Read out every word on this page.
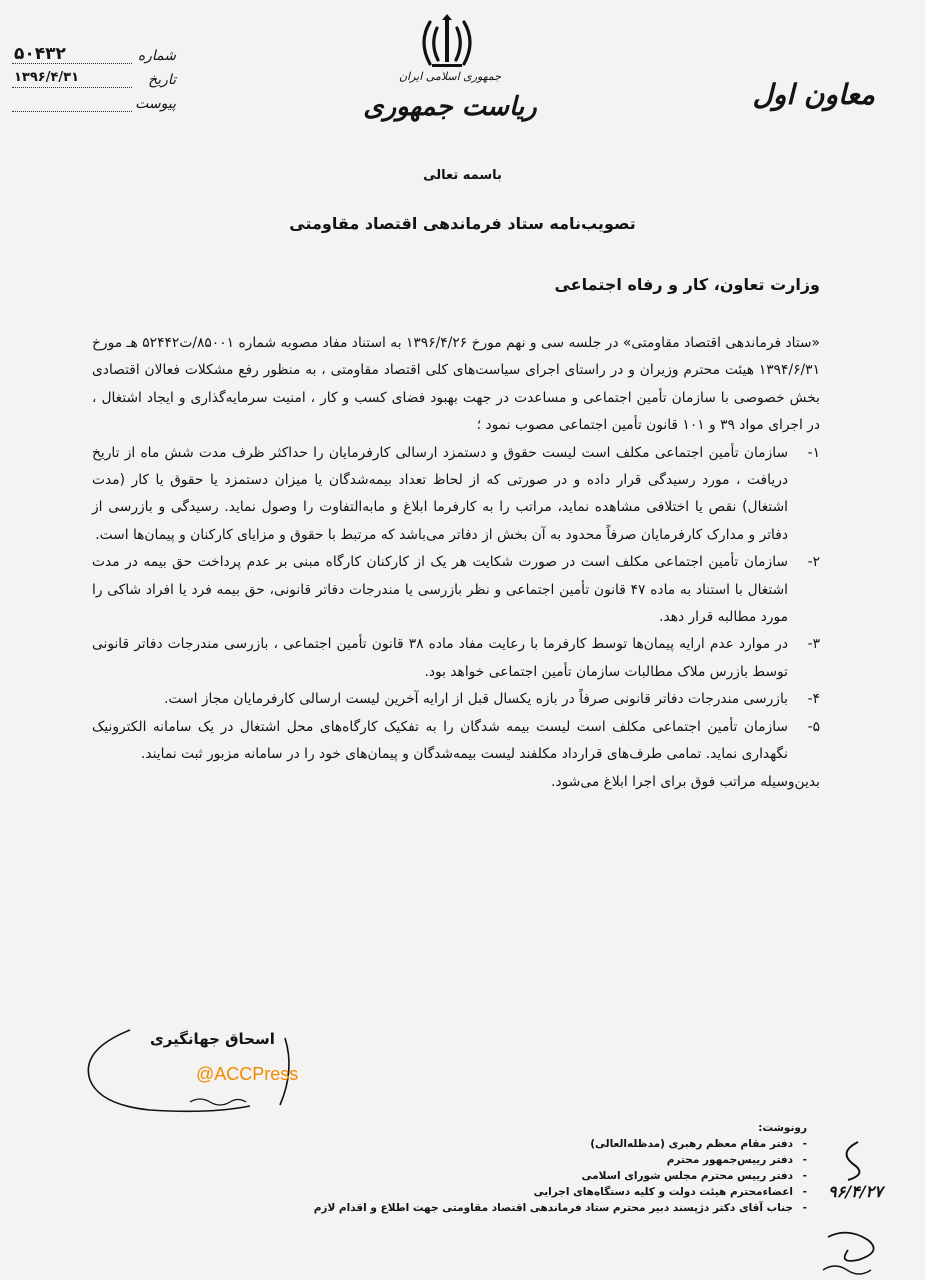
۵۰۴۳۲	شماره
۱۳۹۶/۴/۳۱	تاریخ
پیوست
جمهوری اسلامی ایران
ریاست جمهوری	معاون اول
باسمه تعالی
تصویب‌نامه ستاد فرماندهی اقتصاد مقاومتی
وزارت تعاون، کار و رفاه اجتماعی
«ستاد فرماندهی اقتصاد مقاومتی» در جلسه سی و نهم مورخ ۱۳۹۶/۴/۲۶ به استناد مفاد مصوبه شماره ۸۵۰۰۱/ت۵۲۴۴۲ هـ مورخ ۱۳۹۴/۶/۳۱ هیئت محترم وزیران و در راستای اجرای سیاست‌های کلی اقتصاد مقاومتی ، به منظور رفع مشکلات فعالان اقتصادی بخش خصوصی با سازمان تأمین اجتماعی و مساعدت در جهت بهبود فضای کسب و کار ، امنیت سرمایه‌گذاری و ایجاد اشتغال ، در اجرای مواد ۳۹ و ۱۰۱ قانون تأمین اجتماعی مصوب نمود ؛
۱-
سازمان تأمین اجتماعی مکلف است لیست حقوق و دستمزد ارسالی کارفرمایان را حداکثر ظرف مدت شش ماه از تاریخ دریافت ، مورد رسیدگی قرار داده و در صورتی که از لحاظ تعداد بیمه‌شدگان یا میزان دستمزد یا حقوق یا کار (مدت اشتغال) نقص یا اختلافی مشاهده نماید، مراتب را به کارفرما ابلاغ و مابه‌التفاوت را وصول نماید. رسیدگی و بازرسی از دفاتر و مدارک کارفرمایان صرفاً محدود به آن بخش از دفاتر می‌باشد که مرتبط با حقوق و مزایای کارکنان و پیمان‌ها است.
۲-
سازمان تأمین اجتماعی مکلف است در صورت شکایت هر یک از کارکنان کارگاه مبنی بر عدم پرداخت حق بیمه در مدت اشتغال با استناد به ماده ۴۷ قانون تأمین اجتماعی و نظر بازرسی یا مندرجات دفاتر قانونی، حق بیمه فرد یا افراد شاکی را مورد مطالبه قرار دهد.
۳-
در موارد عدم ارایه پیمان‌ها توسط کارفرما با رعایت مفاد ماده ۳۸ قانون تأمین اجتماعی ، بازرسی مندرجات دفاتر قانونی توسط بازرس ملاک مطالبات سازمان تأمین اجتماعی خواهد بود.
۴-
بازرسی مندرجات دفاتر قانونی صرفاً در بازه یکسال قبل از ارایه آخرین لیست ارسالی کارفرمایان مجاز است.
۵-
سازمان تأمین اجتماعی مکلف است لیست بیمه شدگان را به تفکیک کارگاه‌های محل اشتغال در یک سامانه الکترونیک نگهداری نماید. تمامی طرف‌های قرارداد مکلفند لیست بیمه‌شدگان و پیمان‌های خود را در سامانه مزبور ثبت نمایند.
بدین‌وسیله مراتب فوق برای اجرا ابلاغ می‌شود.
اسحاق جهانگیری
@ACCPress
رونوشت:
-
دفتر مقام معظم رهبری (مدظله‌العالی)
-
دفتر رییس‌جمهور محترم
-
دفتر رییس محترم مجلس شورای اسلامی
-
اعضاءمحترم هیئت دولت و کلیه دستگاه‌های اجرایی
-
جناب آقای دکتر دژپسند دبیر محترم ستاد فرماندهی اقتصاد مقاومتی جهت اطلاع و اقدام لازم
۹۶/۴/۲۷
